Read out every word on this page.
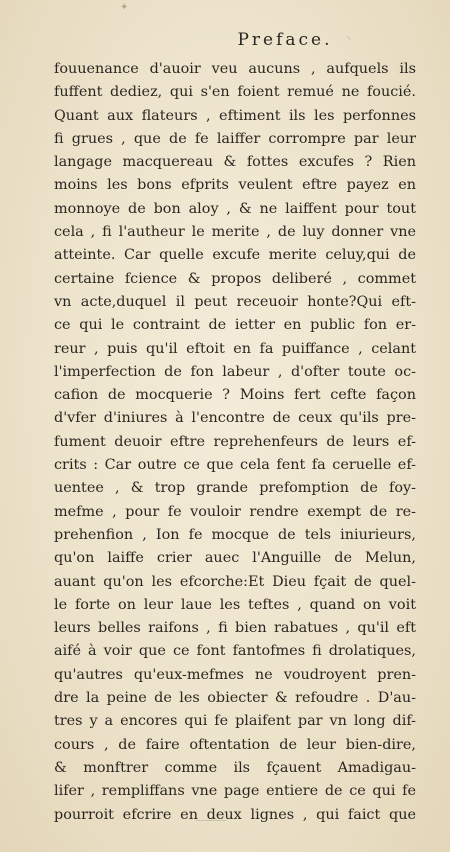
✦
⸌
Preface.
fouuenance d'auoir veu aucuns , aufquels ils
fuffent dediez, qui s'en foient remué ne foucié.
Quant aux flateurs , eftiment ils les perfonnes
fi grues , que de fe laiffer corrompre par leur
langage macquereau & fottes excufes ? Rien
moins les bons efprits veulent eftre payez en
monnoye de bon aloy , & ne laiffent pour tout
cela , fi l'autheur le merite , de luy donner vne
atteinte. Car quelle excufe merite celuy,qui de
certaine fcience & propos deliberé , commet
vn acte,duquel il peut receuoir honte?Qui eft-
ce qui le contraint de ietter en public fon er-
reur , puis qu'il eftoit en fa puiffance , celant
l'imperfection de fon labeur , d'ofter toute oc-
cafion de mocquerie ? Moins fert cefte façon
d'vfer d'iniures à l'encontre de ceux qu'ils pre-
fument deuoir eftre reprehenfeurs de leurs ef-
crits : Car outre ce que cela fent fa ceruelle ef-
uentee , & trop grande prefomption de foy-
mefme , pour fe vouloir rendre exempt de re-
prehenfion , Ion fe mocque de tels iniurieurs,
qu'on laiffe crier auec l'Anguille de Melun,
auant qu'on les efcorche:Et Dieu fçait de quel-
le forte on leur laue les teftes , quand on voit
leurs belles raifons , fi bien rabatues , qu'il eft
aifé à voir que ce font fantofmes fi drolatiques,
qu'autres qu'eux-mefmes ne voudroyent pren-
dre la peine de les obiecter & refoudre . D'au-
tres y a encores qui fe plaifent par vn long dif-
cours , de faire oftentation de leur bien-dire,
& monftrer comme ils fçauent Amadigau-
lifer , rempliffans vne page entiere de ce qui fe
pourroit efcrire en deux lignes , qui faict que
